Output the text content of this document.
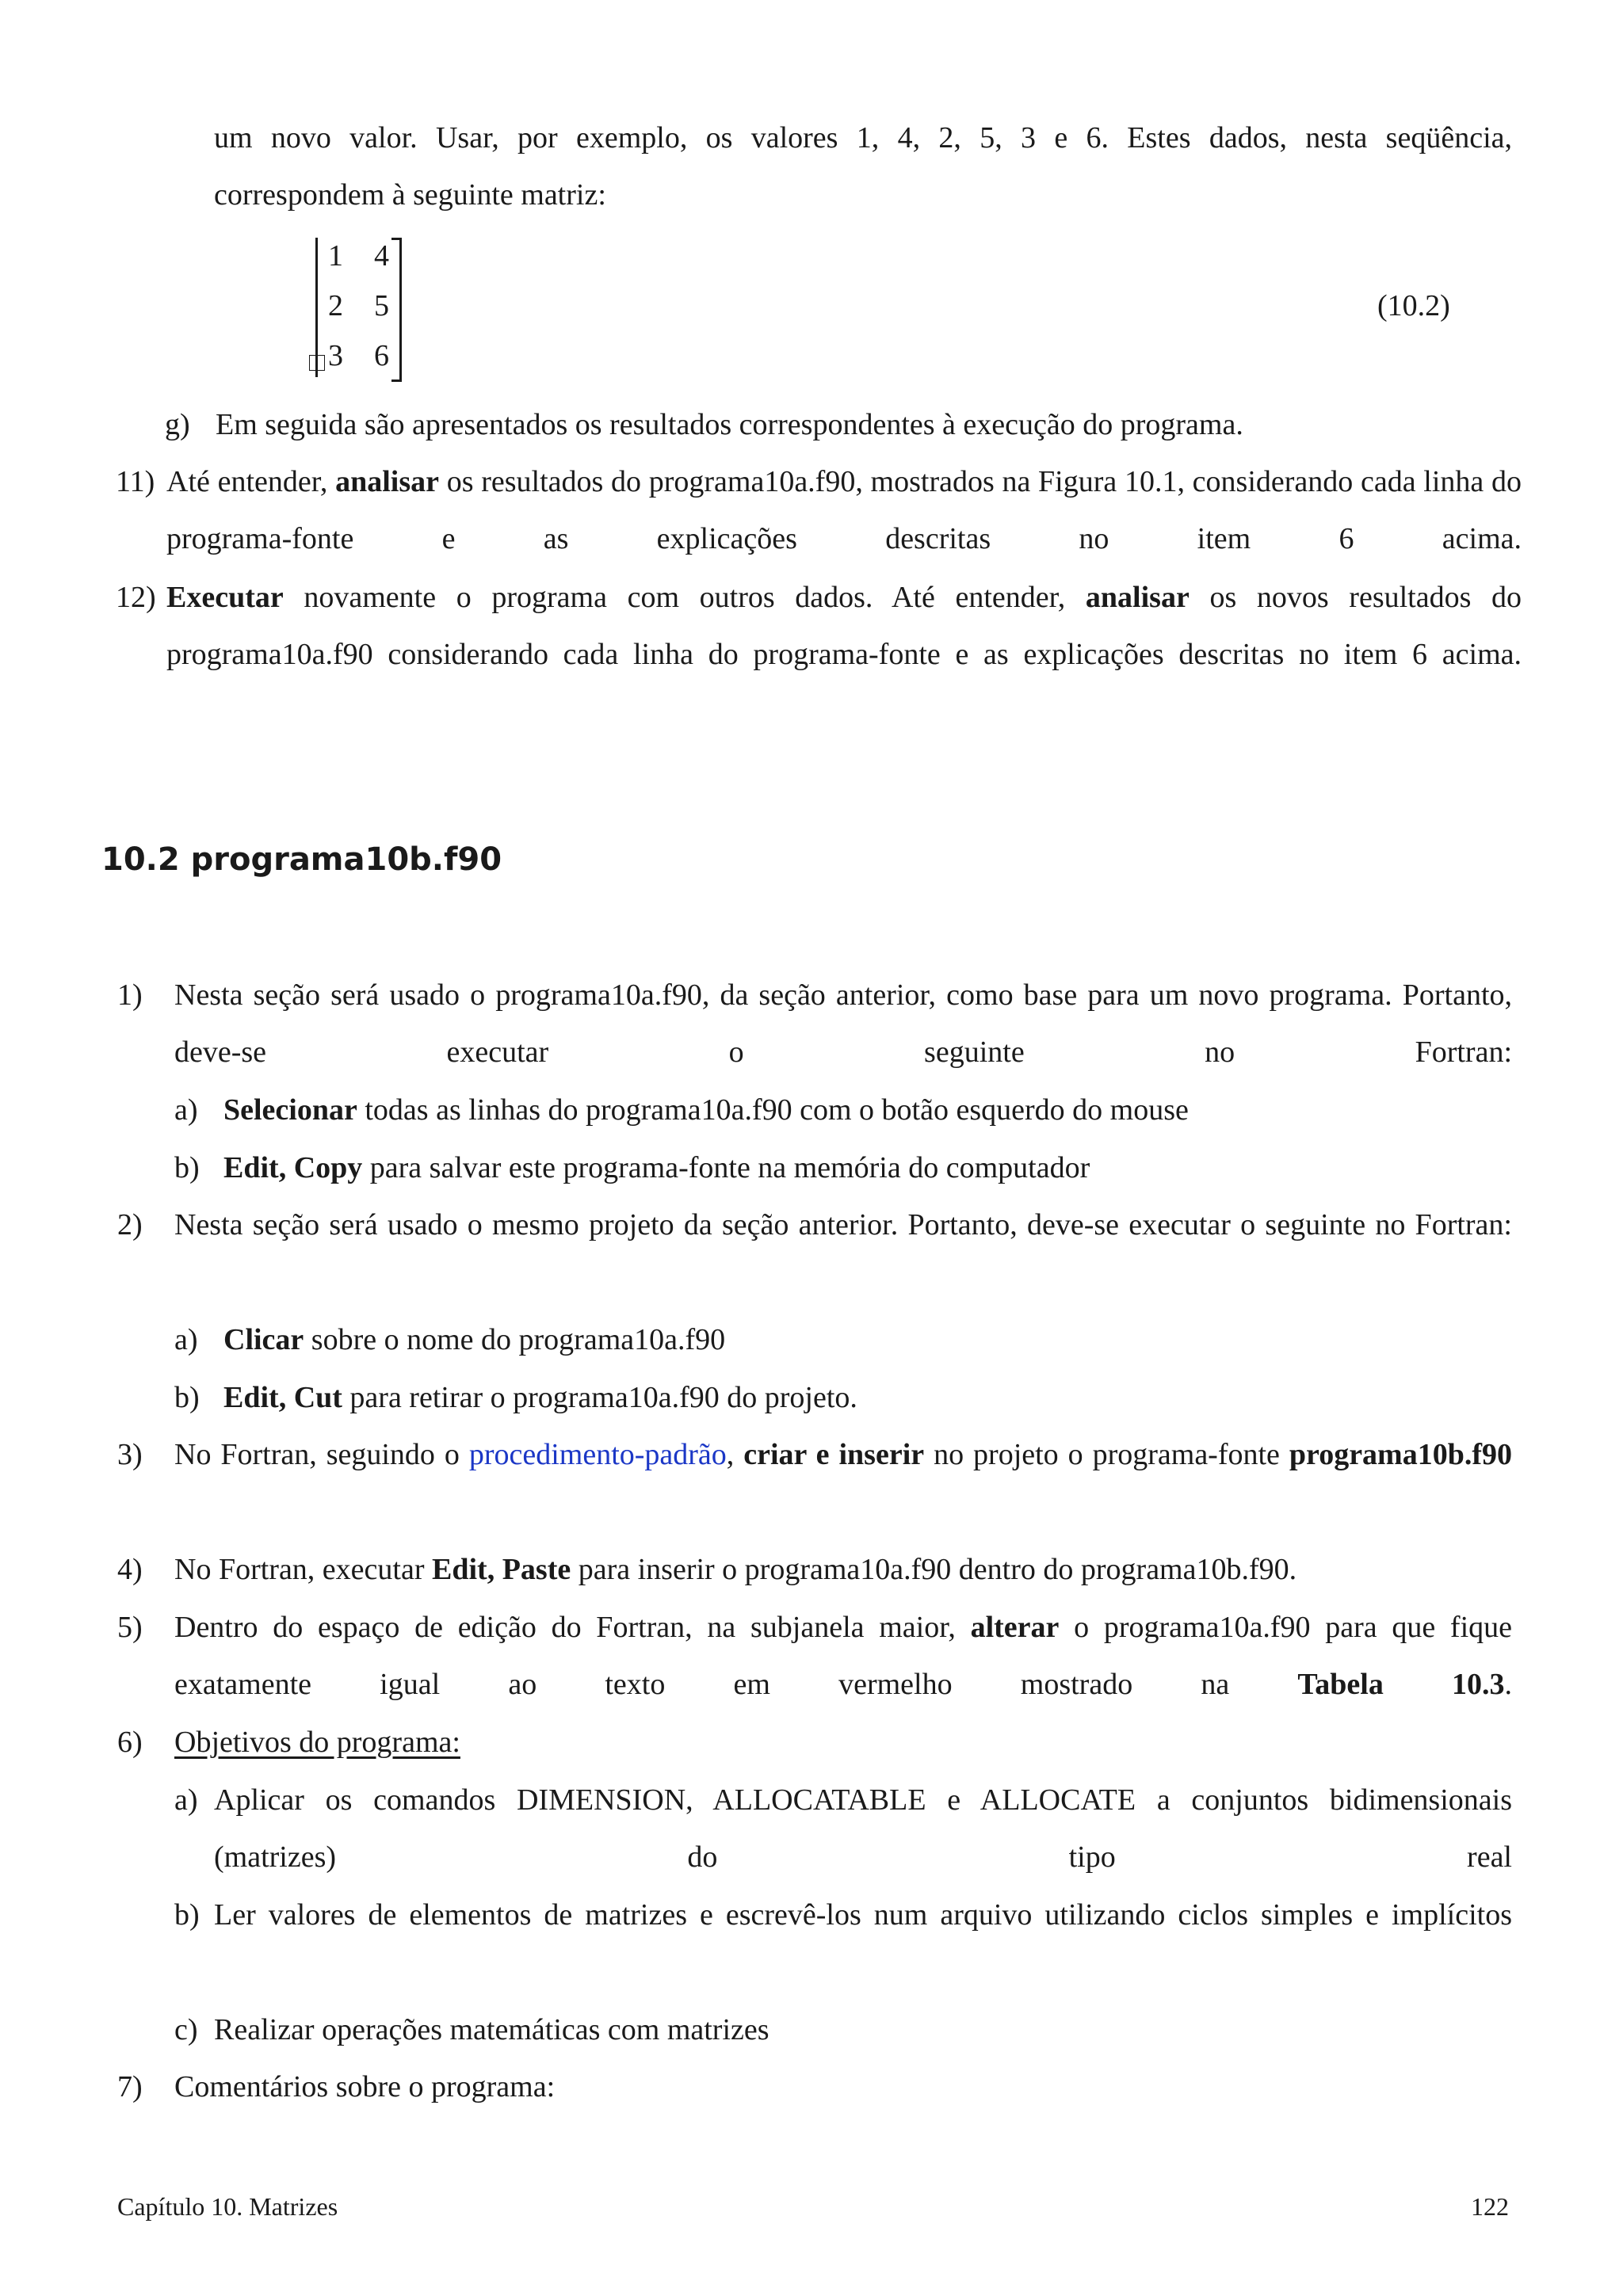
um novo valor. Usar, por exemplo, os valores 1, 4, 2, 5, 3 e 6. Estes dados, nesta seqüência,

correspondem à seguinte matriz:

1 4
2 5
3 6
(10.2)
g) Em seguida são apresentados os resultados correspondentes à execução do programa.

11) Até entender, analisar os resultados do programa10a.f90, mostrados na Figura 10.1, considerando cada linha do programa-fonte e as explicações descritas no item 6 acima.

12) Executar novamente o programa com outros dados. Até entender, analisar os novos resultados do programa10a.f90 considerando cada linha do programa-fonte e as explicações descritas no item 6 acima.

10.2 programa10b.f90
1) Nesta seção será usado o programa10a.f90, da seção anterior, como base para um novo programa. Portanto, deve-se executar o seguinte no Fortran:

a) Selecionar todas as linhas do programa10a.f90 com o botão esquerdo do mouse

b) Edit, Copy para salvar este programa-fonte na memória do computador

2) Nesta seção será usado o mesmo projeto da seção anterior. Portanto, deve-se executar o seguinte no Fortran:

a) Clicar sobre o nome do programa10a.f90

b) Edit, Cut para retirar o programa10a.f90 do projeto.

3) No Fortran, seguindo o procedimento-padrão, criar e inserir no projeto o programa-fonte programa10b.f90

4) No Fortran, executar Edit, Paste para inserir o programa10a.f90 dentro do programa10b.f90.

5) Dentro do espaço de edição do Fortran, na subjanela maior, alterar o programa10a.f90 para que fique exatamente igual ao texto em vermelho mostrado na Tabela 10.3.

6) Objetivos do programa:

a) Aplicar os comandos DIMENSION, ALLOCATABLE e ALLOCATE a conjuntos bidimensionais (matrizes) do tipo real

b) Ler valores de elementos de matrizes e escrevê-los num arquivo utilizando ciclos simples e implícitos

c) Realizar operações matemáticas com matrizes

7) Comentários sobre o programa:

Capítulo 10. Matrizes	122
